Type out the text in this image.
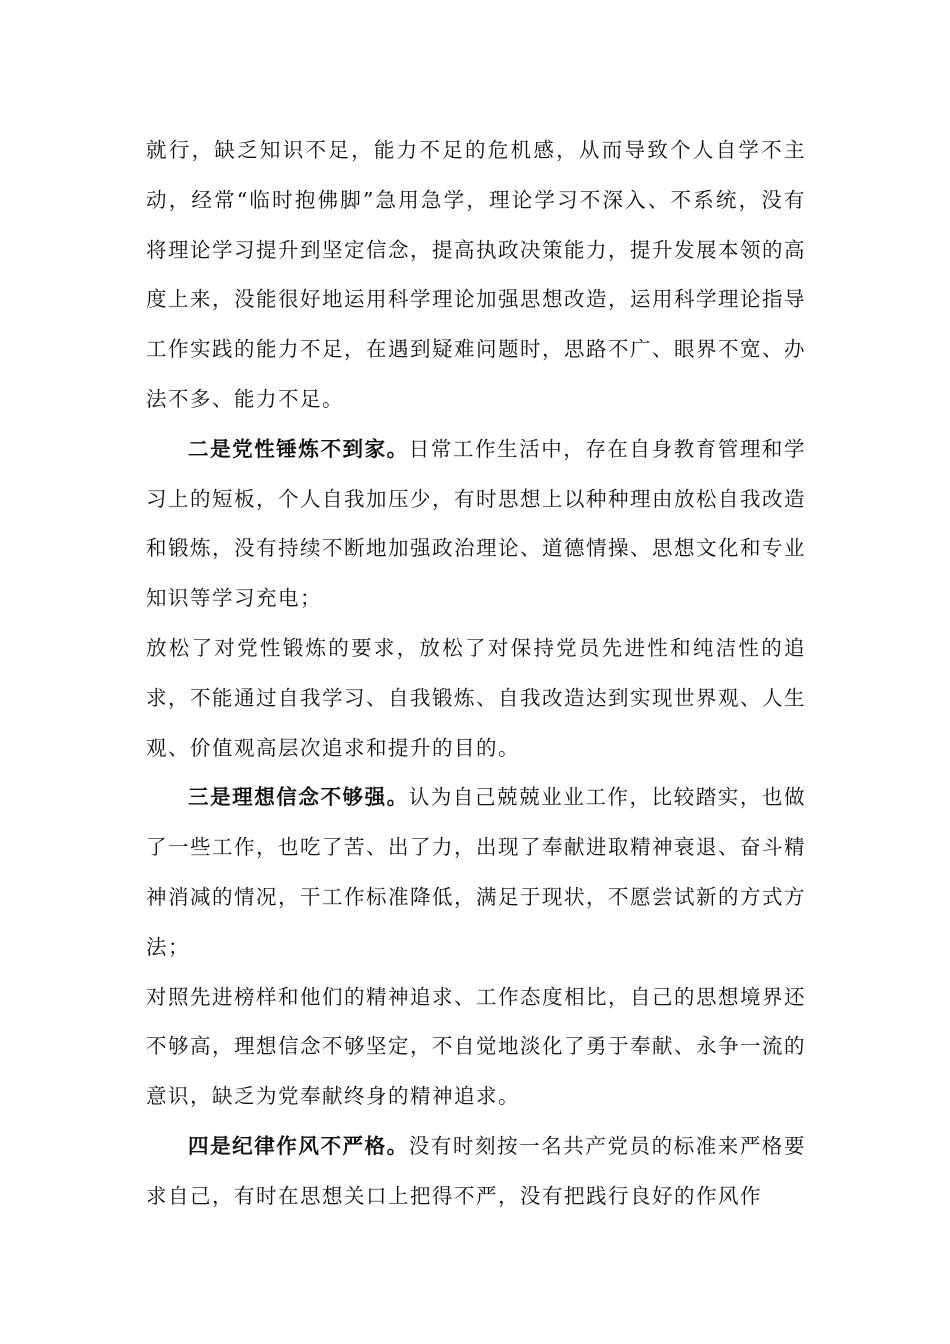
就行，缺乏知识不足，能力不足的危机感，从而导致个人自学不主动，经常“临时抱佛脚”急用急学，理论学习不深入、不系统，没有将理论学习提升到坚定信念，提高执政决策能力，提升发展本领的高度上来，没能很好地运用科学理论加强思想改造，运用科学理论指导工作实践的能力不足，在遇到疑难问题时，思路不广、眼界不宽、办法不多、能力不足。

二是党性锤炼不到家。日常工作生活中，存在自身教育管理和学习上的短板，个人自我加压少，有时思想上以种种理由放松自我改造和锻炼，没有持续不断地加强政治理论、道德情操、思想文化和专业知识等学习充电；

放松了对党性锻炼的要求，放松了对保持党员先进性和纯洁性的追求，不能通过自我学习、自我锻炼、自我改造达到实现世界观、人生观、价值观高层次追求和提升的目的。

三是理想信念不够强。认为自己兢兢业业工作，比较踏实，也做了一些工作，也吃了苦、出了力，出现了奉献进取精神衰退、奋斗精神消减的情况，干工作标准降低，满足于现状，不愿尝试新的方式方法；

对照先进榜样和他们的精神追求、工作态度相比，自己的思想境界还不够高，理想信念不够坚定，不自觉地淡化了勇于奉献、永争一流的意识，缺乏为党奉献终身的精神追求。

四是纪律作风不严格。没有时刻按一名共产党员的标准来严格要求自己，有时在思想关口上把得不严，没有把践行良好的作风作
